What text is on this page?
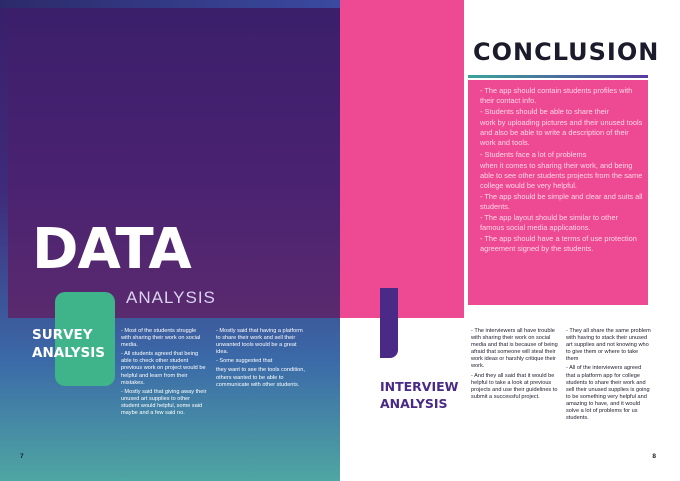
DATA
ANALYSIS
SURVEY
ANALYSIS

- Most of the students struggle with sharing their work on social media.

- All students agreed that being able to check other student previous work on project would be helpful and learn from their mistakes.

- Mostly said that giving away their unused art supplies to other student would helpful, some said maybe and a few said no.

- Mostly said that having a platform to share their work and sell their unwanted tools would be a great idea.

- Some suggested that

they want to see the tools condition, others wanted to be able to communicate with other students.

7
CONCLUSION

- The app should contain students profiles with their contact info.

- Students should be able to share their

work by uploading pictures and their unused tools and also be able to write a description of their work and tools.

- Students face a lot of problems

when it comes to sharing their work, and being able to see other students projects from the same college would be very helpful.

- The app should be simple and clear and suits all students.

- The app layout should be similar to other famous social media applications.

- The app should have a terms of use protection agreement signed by the students.

INTERVIEW
ANALYSIS

- The interviewers all have trouble with sharing their work on social media and that is because of being afraid that someone will steal their work ideas or harshly critique their work.

- And they all said that it would be helpful to take a look at previous projects and use their guidelines to submit a successful project.

- They all share the same problem with having to stack their unused art supplies and not knowing who to give them or where to take them

- All of the interviewers agreed that a platform app for college students to share their work and sell their unused supplies is going to be something very helpful and amazing to have, and it would solve a lot of problems for us students.

8
